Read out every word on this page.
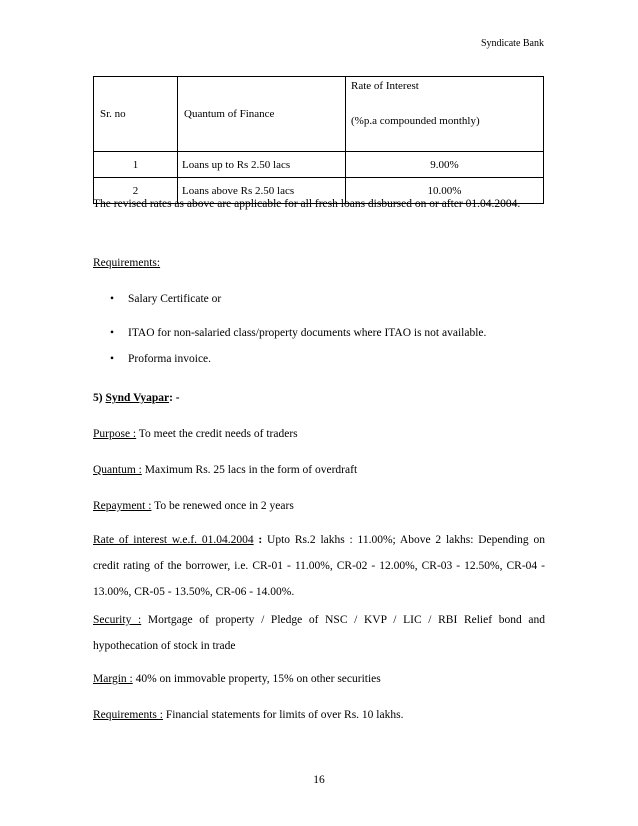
Syndicate Bank
Sr. no	Quantum of Finance	Rate of Interest
(%p.a compounded monthly)

1	Loans up to Rs 2.50 lacs	9.00%
2	Loans above Rs 2.50 lacs	10.00%
The revised rates as above are applicable for all fresh loans disbursed on or after 01.04.2004.
Requirements:
• Salary Certificate or
• ITAO for non-salaried class/property documents where ITAO is not available.
• Proforma invoice.
5) Synd Vyapar: -
Purpose : To meet the credit needs of traders
Quantum : Maximum Rs. 25 lacs in the form of overdraft
Repayment : To be renewed once in 2 years
Rate of interest w.e.f. 01.04.2004 : Upto Rs.2 lakhs : 11.00%; Above 2 lakhs: Depending on credit rating of the borrower, i.e. CR-01 - 11.00%, CR-02 - 12.00%, CR-03 - 12.50%, CR-04 - 13.00%, CR-05 - 13.50%, CR-06 - 14.00%.
Security : Mortgage of property / Pledge of NSC / KVP / LIC / RBI Relief bond and hypothecation of stock in trade
Margin : 40% on immovable property, 15% on other securities
Requirements : Financial statements for limits of over Rs. 10 lakhs.
16
